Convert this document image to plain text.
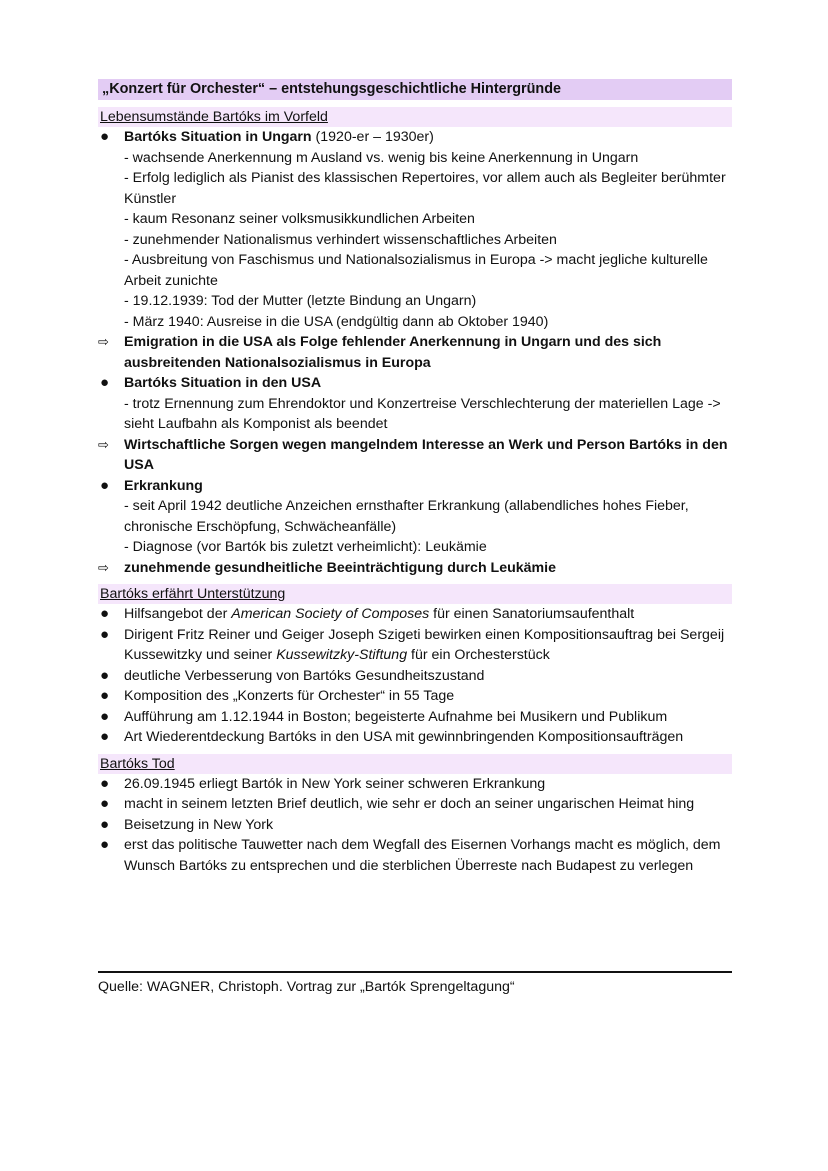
„Konzert für Orchester“ – entstehungsgeschichtliche Hintergründe
Lebensumstände Bartóks im Vorfeld
●	Bartóks Situation in Ungarn (1920-er – 1930er)
- wachsende Anerkennung m Ausland vs. wenig bis keine Anerkennung in Ungarn
- Erfolg lediglich als Pianist des klassischen Repertoires, vor allem auch als Begleiter berühmter Künstler
- kaum Resonanz seiner volksmusikkundlichen Arbeiten
- zunehmender Nationalismus verhindert wissenschaftliches Arbeiten
- Ausbreitung von Faschismus und Nationalsozialismus in Europa -> macht jegliche kulturelle Arbeit zunichte
- 19.12.1939: Tod der Mutter (letzte Bindung an Ungarn)
- März 1940: Ausreise in die USA (endgültig dann ab Oktober 1940)
⇨	Emigration in die USA als Folge fehlender Anerkennung in Ungarn und des sich ausbreitenden Nationalsozialismus in Europa
●	Bartóks Situation in den USA
- trotz Ernennung zum Ehrendoktor und Konzertreise Verschlechterung der materiellen Lage -> sieht Laufbahn als Komponist als beendet
⇨	Wirtschaftliche Sorgen wegen mangelndem Interesse an Werk und Person Bartóks in den USA
●	Erkrankung
- seit April 1942 deutliche Anzeichen ernsthafter Erkrankung (allabendliches hohes Fieber, chronische Erschöpfung, Schwächeanfälle)
- Diagnose (vor Bartók bis zuletzt verheimlicht): Leukämie
⇨	zunehmende gesundheitliche Beeinträchtigung durch Leukämie
Bartóks erfährt Unterstützung
●	Hilfsangebot der American Society of Composes für einen Sanatoriumsaufenthalt
●	Dirigent Fritz Reiner und Geiger Joseph Szigeti bewirken einen Kompositionsauftrag bei Sergeij Kussewitzky und seiner Kussewitzky-Stiftung für ein Orchesterstück
●	deutliche Verbesserung von Bartóks Gesundheitszustand
●	Komposition des „Konzerts für Orchester“ in 55 Tage
●	Aufführung am 1.12.1944 in Boston; begeisterte Aufnahme bei Musikern und Publikum
●	Art Wiederentdeckung Bartóks in den USA mit gewinnbringenden Kompositionsaufträgen
Bartóks Tod
●	26.09.1945 erliegt Bartók in New York seiner schweren Erkrankung
●	macht in seinem letzten Brief deutlich, wie sehr er doch an seiner ungarischen Heimat hing
●	Beisetzung in New York
●	erst das politische Tauwetter nach dem Wegfall des Eisernen Vorhangs macht es möglich, dem Wunsch Bartóks zu entsprechen und die sterblichen Überreste nach Budapest zu verlegen
Quelle: WAGNER, Christoph. Vortrag zur „Bartók Sprengeltagung“
